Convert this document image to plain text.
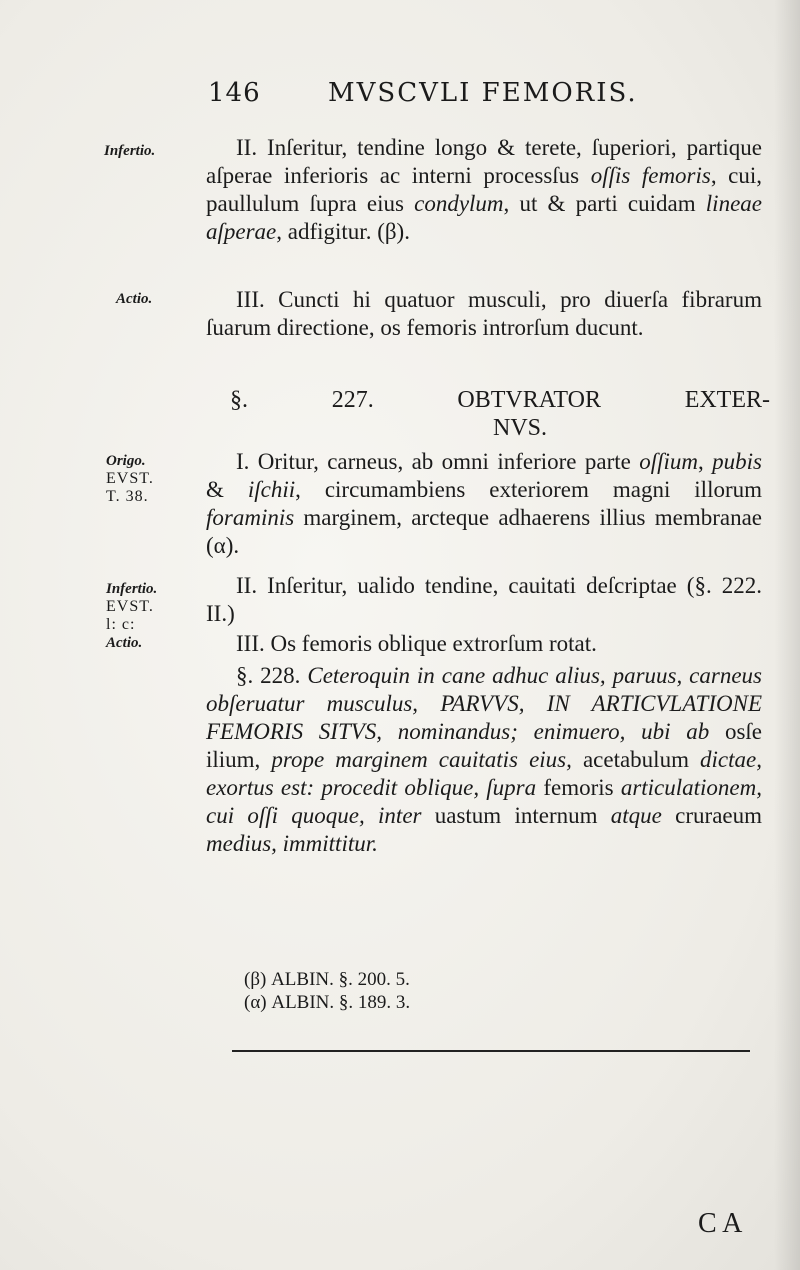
146	MVSCVLI FEMORIS.
Infertio.
Actio.
Origo.
EVST.
T. 38.
Infertio.
EVST.
l: c:
Actio.

II. Inſeritur, tendine longo & terete, ſuperiori, partique aſperae inferioris ac interni processſus oſſis femoris, cui, paullulum ſupra eius condylum, ut & parti cuidam lineae aſperae, adfigitur. (β).

III. Cuncti hi quatuor musculi, pro diuerſa fibrarum ſuarum directione, os femoris introrſum ducunt.

§. 227. OBTVRATOR EXTER-
NVS.

I. Oritur, carneus, ab omni inferiore parte oſſium, pubis & iſchii, circumambiens exteriorem magni illorum foraminis marginem, arcteque adhaerens illius membranae (α).

II. Inſeritur, ualido tendine, cauitati deſcriptae (§. 222. II.)

III. Os femoris oblique extrorſum rotat.

§. 228. Ceteroquin in cane adhuc alius, paruus, carneus obſeruatur musculus, PARVVS, IN ARTICVLATIONE FEMORIS SITVS, nominandus; enimuero, ubi ab osſe ilium, prope marginem cauitatis eius, acetabulum dictae, exortus est: procedit oblique, ſupra femoris articulationem, cui oſſi quoque, inter uastum internum atque cruraeum medius, immittitur.

(β) ALBIN. §. 200. 5.
(α) ALBIN. §. 189. 3.
C A
